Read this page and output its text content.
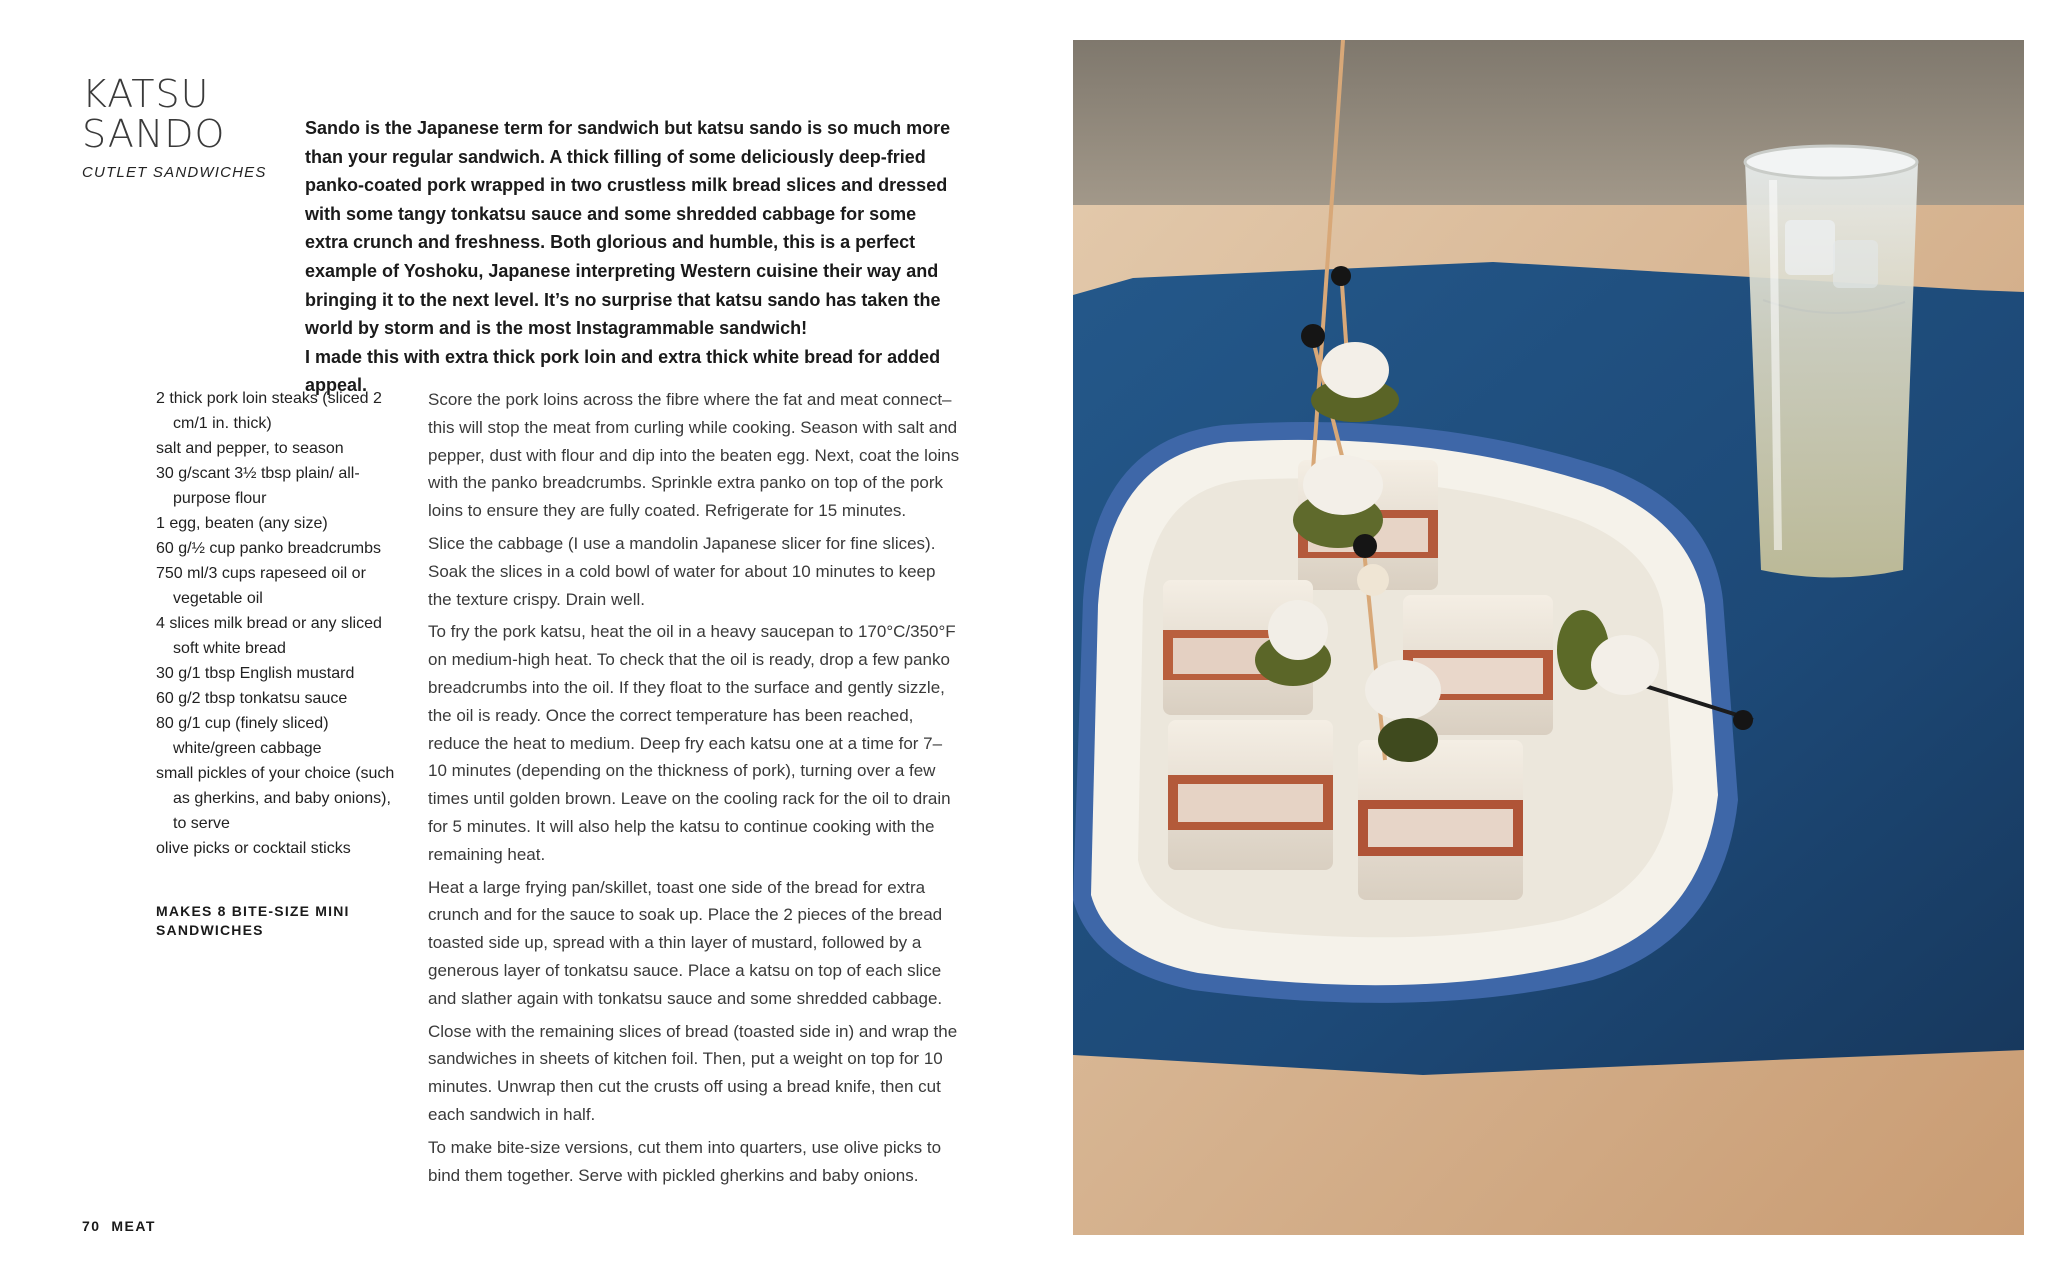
KATSU
SANDO

CUTLET SANDWICHES

Sando is the Japanese term for sandwich but katsu sando is so much more than your regular sandwich. A thick filling of some deliciously deep-fried panko-coated pork wrapped in two crustless milk bread slices and dressed with some tangy tonkatsu sauce and some shredded cabbage for some extra crunch and freshness. Both glorious and humble, this is a perfect example of Yoshoku, Japanese interpreting Western cuisine their way and bringing it to the next level. It’s no surprise that katsu sando has taken the world by storm and is the most Instagrammable sandwich!
I made this with extra thick pork loin and extra thick white bread for added appeal.
2 thick pork loin steaks (sliced 2 cm/1 in. thick)
salt and pepper, to season
30 g/scant 3½ tbsp plain/ all-purpose flour
1 egg, beaten (any size)
60 g/½ cup panko breadcrumbs
750 ml/3 cups rapeseed oil or vegetable oil
4 slices milk bread or any sliced soft white bread
30 g/1 tbsp English mustard
60 g/2 tbsp tonkatsu sauce
80 g/1 cup (finely sliced) white/green cabbage
small pickles of your choice (such as gherkins, and baby onions), to serve
olive picks or cocktail sticks

MAKES 8 BITE-SIZE MINI SANDWICHES

Score the pork loins across the fibre where the fat and meat connect– this will stop the meat from curling while cooking. Season with salt and pepper, dust with flour and dip into the beaten egg. Next, coat the loins with the panko breadcrumbs. Sprinkle extra panko on top of the pork loins to ensure they are fully coated. Refrigerate for 15 minutes.

Slice the cabbage (I use a mandolin Japanese slicer for fine slices). Soak the slices in a cold bowl of water for about 10 minutes to keep the texture crispy. Drain well.

To fry the pork katsu, heat the oil in a heavy saucepan to 170°C/350°F on medium-high heat. To check that the oil is ready, drop a few panko breadcrumbs into the oil. If they float to the surface and gently sizzle, the oil is ready. Once the correct temperature has been reached, reduce the heat to medium. Deep fry each katsu one at a time for 7–10 minutes (depending on the thickness of pork), turning over a few times until golden brown. Leave on the cooling rack for the oil to drain for 5 minutes. It will also help the katsu to continue cooking with the remaining heat.

Heat a large frying pan/skillet, toast one side of the bread for extra crunch and for the sauce to soak up. Place the 2 pieces of the bread toasted side up, spread with a thin layer of mustard, followed by a generous layer of tonkatsu sauce. Place a katsu on top of each slice and slather again with tonkatsu sauce and some shredded cabbage.

Close with the remaining slices of bread (toasted side in) and wrap the sandwiches in sheets of kitchen foil. Then, put a weight on top for 10 minutes. Unwrap then cut the crusts off using a bread knife, then cut each sandwich in half.

To make bite-size versions, cut them into quarters, use olive picks to bind them together. Serve with pickled gherkins and baby onions.

70 MEAT
